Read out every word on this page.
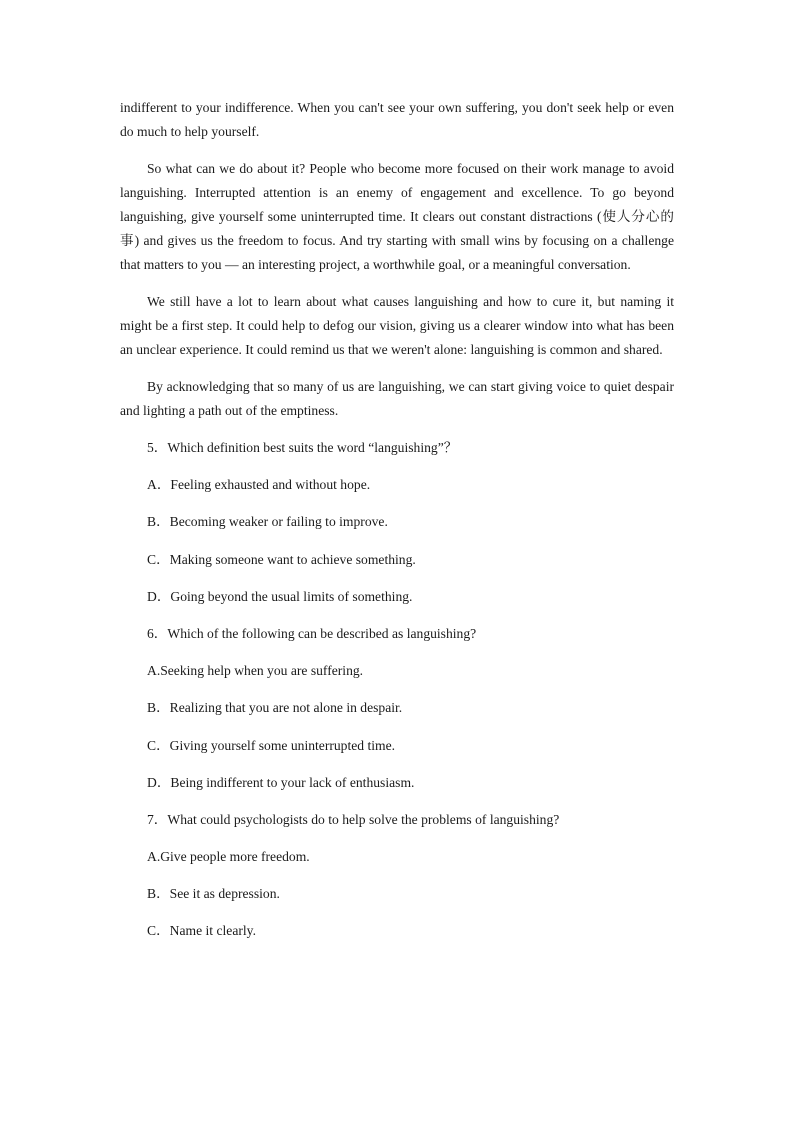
indifferent to your indifference. When you can't see your own suffering, you don't seek help or even do much to help yourself.

So what can we do about it? People who become more focused on their work manage to avoid languishing. Interrupted attention is an enemy of engagement and excellence. To go beyond languishing, give yourself some uninterrupted time. It clears out constant distractions (使人分心的事) and gives us the freedom to focus. And try starting with small wins by focusing on a challenge that matters to you — an interesting project, a worthwhile goal, or a meaningful conversation.

We still have a lot to learn about what causes languishing and how to cure it, but naming it might be a first step. It could help to defog our vision, giving us a clearer window into what has been an unclear experience. It could remind us that we weren't alone: languishing is common and shared.

By acknowledging that so many of us are languishing, we can start giving voice to quiet despair and lighting a path out of the emptiness.

5．Which definition best suits the word “languishing”？

A．Feeling exhausted and without hope.

B．Becoming weaker or failing to improve.

C．Making someone want to achieve something.

D．Going beyond the usual limits of something.

6．Which of the following can be described as languishing?

A.Seeking help when you are suffering.

B．Realizing that you are not alone in despair.

C．Giving yourself some uninterrupted time.

D．Being indifferent to your lack of enthusiasm.

7．What could psychologists do to help solve the problems of languishing?

A.Give people more freedom.

B．See it as depression.

C．Name it clearly.
